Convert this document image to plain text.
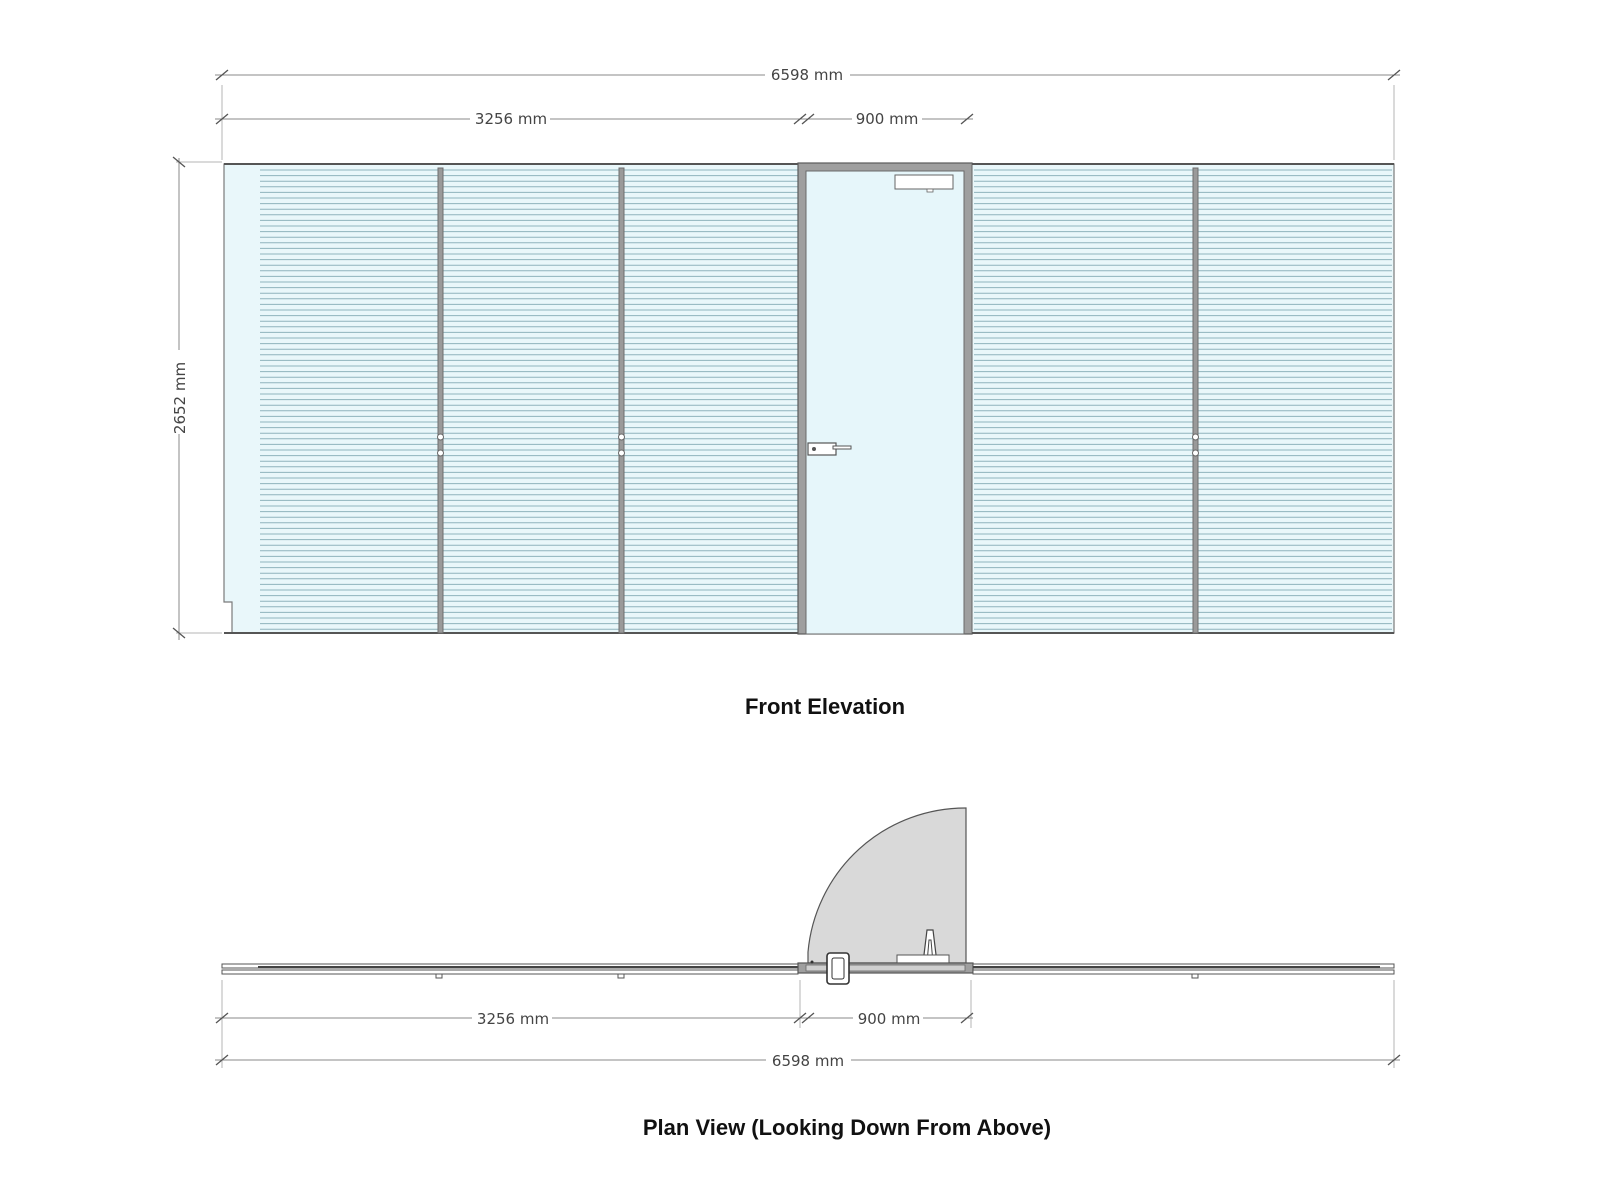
6598 mm
3256 mm	900 mm
2652 mm
Front Elevation
3256 mm	900 mm
6598 mm
Plan View (Looking Down From Above)
